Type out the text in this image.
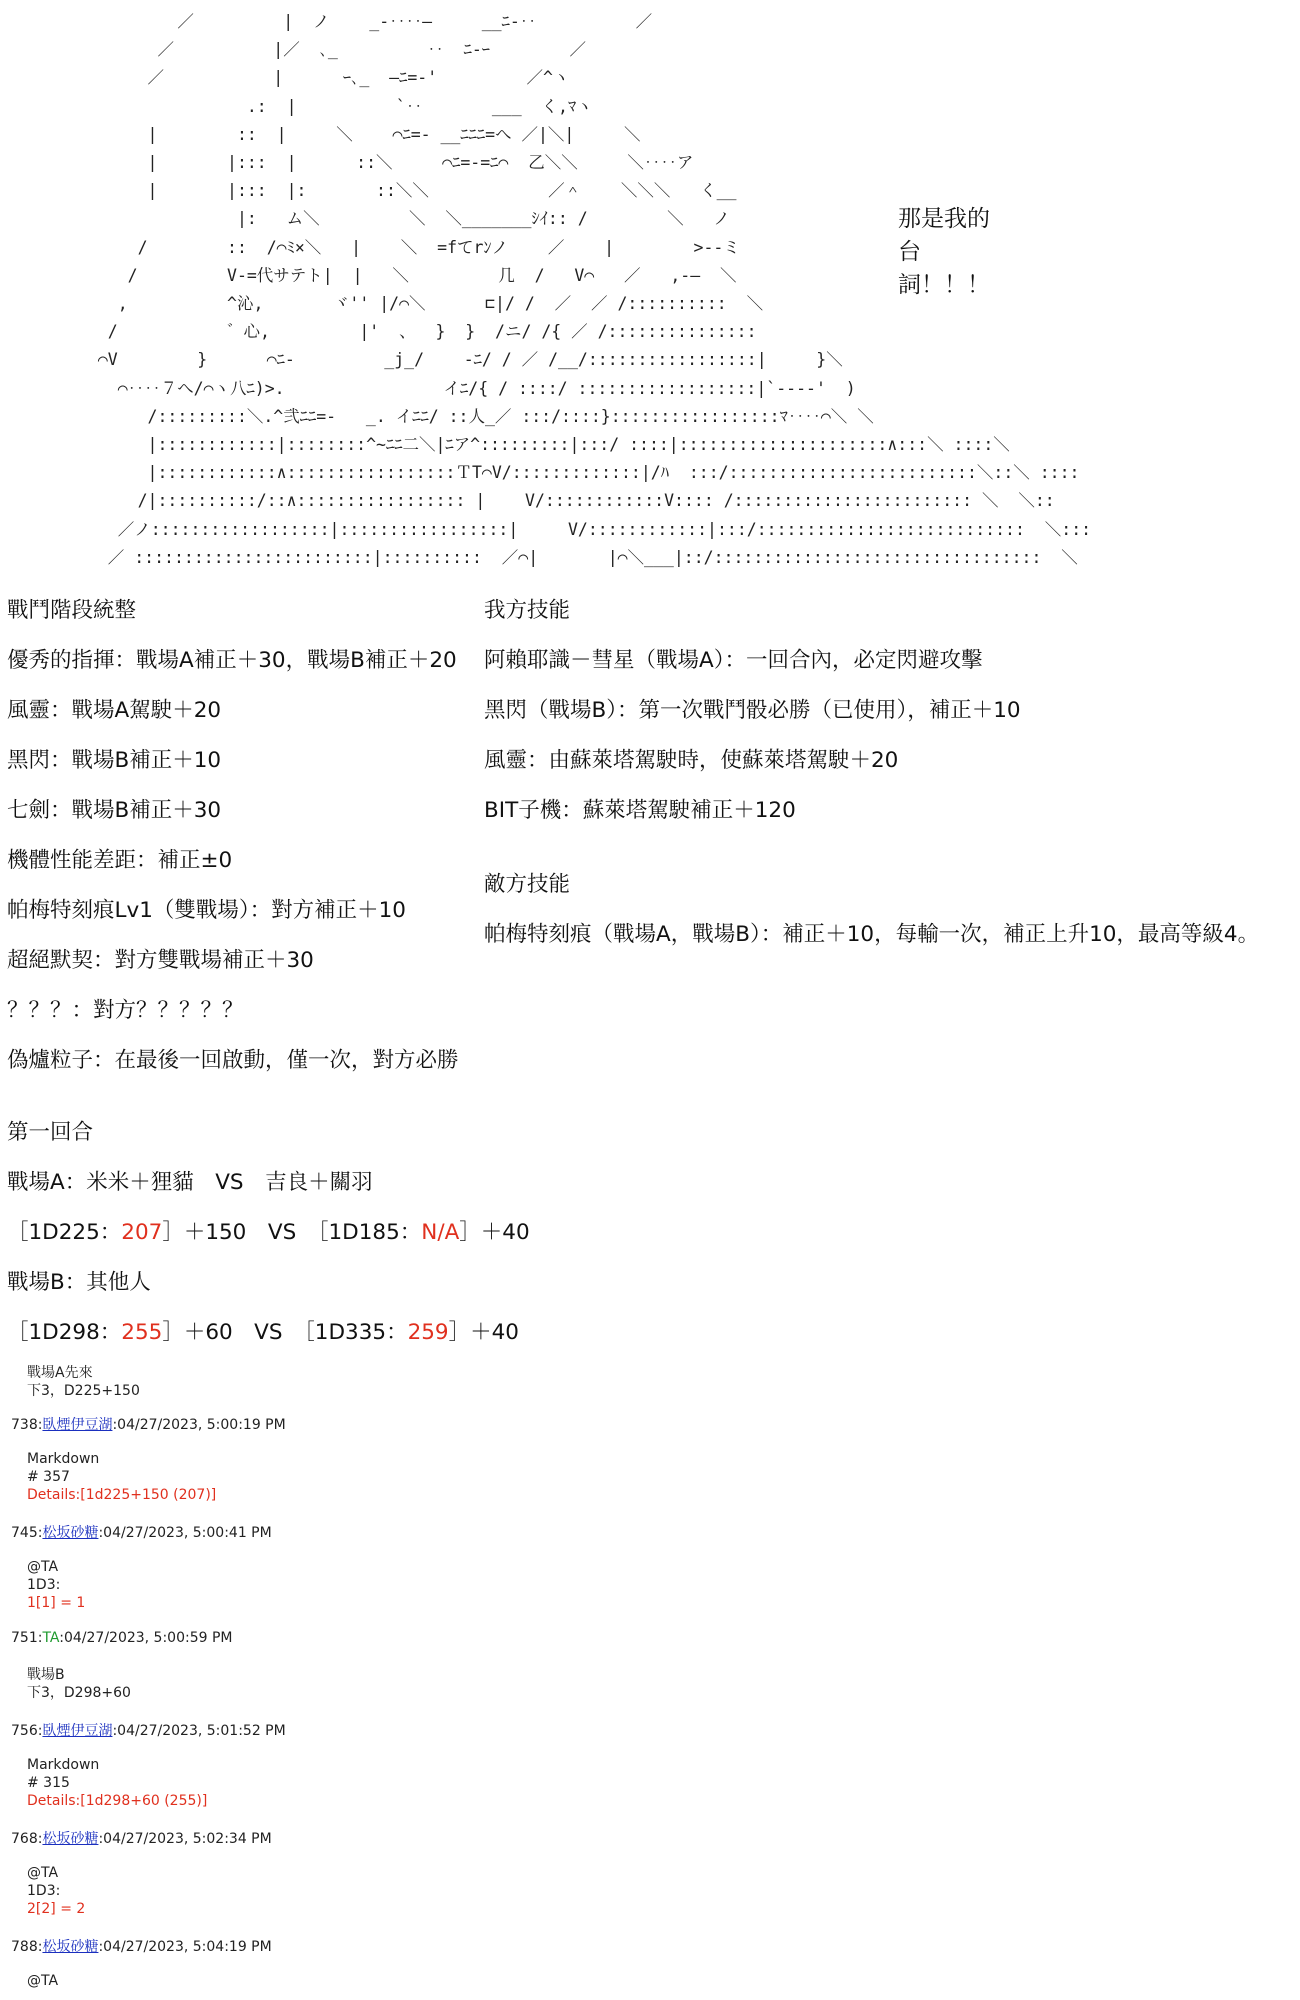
／         |  ノ    _-‥‥―     __ﾆ-‥          ／
／          |／  ､_         ‥  ﾆ-ｰ        ／
／           |      ｰ､_  ―ﾆ=-'         ／^ヽ
.:  |          `‥       ___  く,ﾏヽ
|        ::  |     ＼    ⌒ﾆ=- __ﾆﾆﾆ=へ ／|＼|     ＼
|       |:::  |      ::＼     ⌒ﾆ=-=ﾆ⌒  乙＼＼     ＼‥‥ア
|       |:::  |:       ::＼＼            ／＾    ＼＼＼   く__
|:   ム＼         ＼  ＼_______ｼｲ:: /        ＼   ノ
/        ::  /⌒ﾐ×＼   |    ＼  =fてrﾝノ    ／    |        >--ミ
/         V-=代サテト|  |   ＼         几  /   V⌒   ／   ,-―  ＼
,          ^沁,       ヾ'' |/⌒＼      ⊏|/ /  ／  ／ /::::::::::  ＼
/           ゛心,         |'  、  }  }  /ニ/ /{ ／ /:::::::::::::::
⌒V        }      ⌒ﾆ-         _j_/    -ﾆ/ / ／ /__/:::::::::::::::::|     }＼
⌒‥‥７へ/⌒ヽ八ﾆ)>.                イﾆ/{ / ::::/ ::::::::::::::::::|`----'  )
/:::::::::＼.^弐ﾆﾆ=-   _. イﾆﾆ/ ::人_／ :::/::::}:::::::::::::::::ﾏ‥‥⌒＼ ＼
|::::::::::::|::::::::^~ﾆﾆ二＼|ﾆア^:::::::::|:::/ ::::|:::::::::::::::::::::∧:::＼ ::::＼
|::::::::::::∧:::::::::::::::::ＴT⌒V/:::::::::::::|/ﾊ  :::/:::::::::::::::::::::::::＼::＼ ::::
/|::::::::::/::∧::::::::::::::::: |    V/::::::::::::V:::: /:::::::::::::::::::::::: ＼  ＼::
／ノ::::::::::::::::::|:::::::::::::::::|     V/::::::::::::|:::/:::::::::::::::::::::::::::  ＼:::
／ ::::::::::::::::::::::::|::::::::::  ／⌒|       |⌒＼___|::/:::::::::::::::::::::::::::::::::  ＼
那是我的台詞！！！
戰鬥階段統整
優秀的指揮：戰場A補正＋30，戰場B補正＋20
風靈：戰場A駕駛＋20
黑閃：戰場B補正＋10
七劍：戰場B補正＋30
機體性能差距：補正±0
帕梅特刻痕Lv1（雙戰場）：對方補正＋10
超絕默契：對方雙戰場補正＋30
？？？：對方？？？？？
偽爐粒子：在最後一回啟動，僅一次，對方必勝
我方技能
阿賴耶識－彗星（戰場A）：一回合內，必定閃避攻擊
黑閃（戰場B）：第一次戰鬥骰必勝（已使用），補正＋10
風靈：由蘇萊塔駕駛時，使蘇萊塔駕駛＋20
BIT子機：蘇萊塔駕駛補正＋120
敵方技能
帕梅特刻痕（戰場A，戰場B）：補正＋10，每輸一次，補正上升10，最高等級4。
第一回合
戰場A：米米＋狸貓　VS　吉良＋關羽
［1D225：207］＋150　VS　［1D185：N/A］＋40
戰場B：其他人
［1D298：255］＋60　VS　［1D335：259］＋40
戰場A先來
下3，D225+150
738:臥煙伊豆湖:04/27/2023, 5:00:19 PM
Markdown
# 357
Details:[1d225+150 (207)]
745:松坂砂糖:04/27/2023, 5:00:41 PM
@TA
1D3:
1[1] = 1
751:TA:04/27/2023, 5:00:59 PM
戰場B
下3，D298+60
756:臥煙伊豆湖:04/27/2023, 5:01:52 PM
Markdown
# 315
Details:[1d298+60 (255)]
768:松坂砂糖:04/27/2023, 5:02:34 PM
@TA
1D3:
2[2] = 2
788:松坂砂糖:04/27/2023, 5:04:19 PM
@TA
